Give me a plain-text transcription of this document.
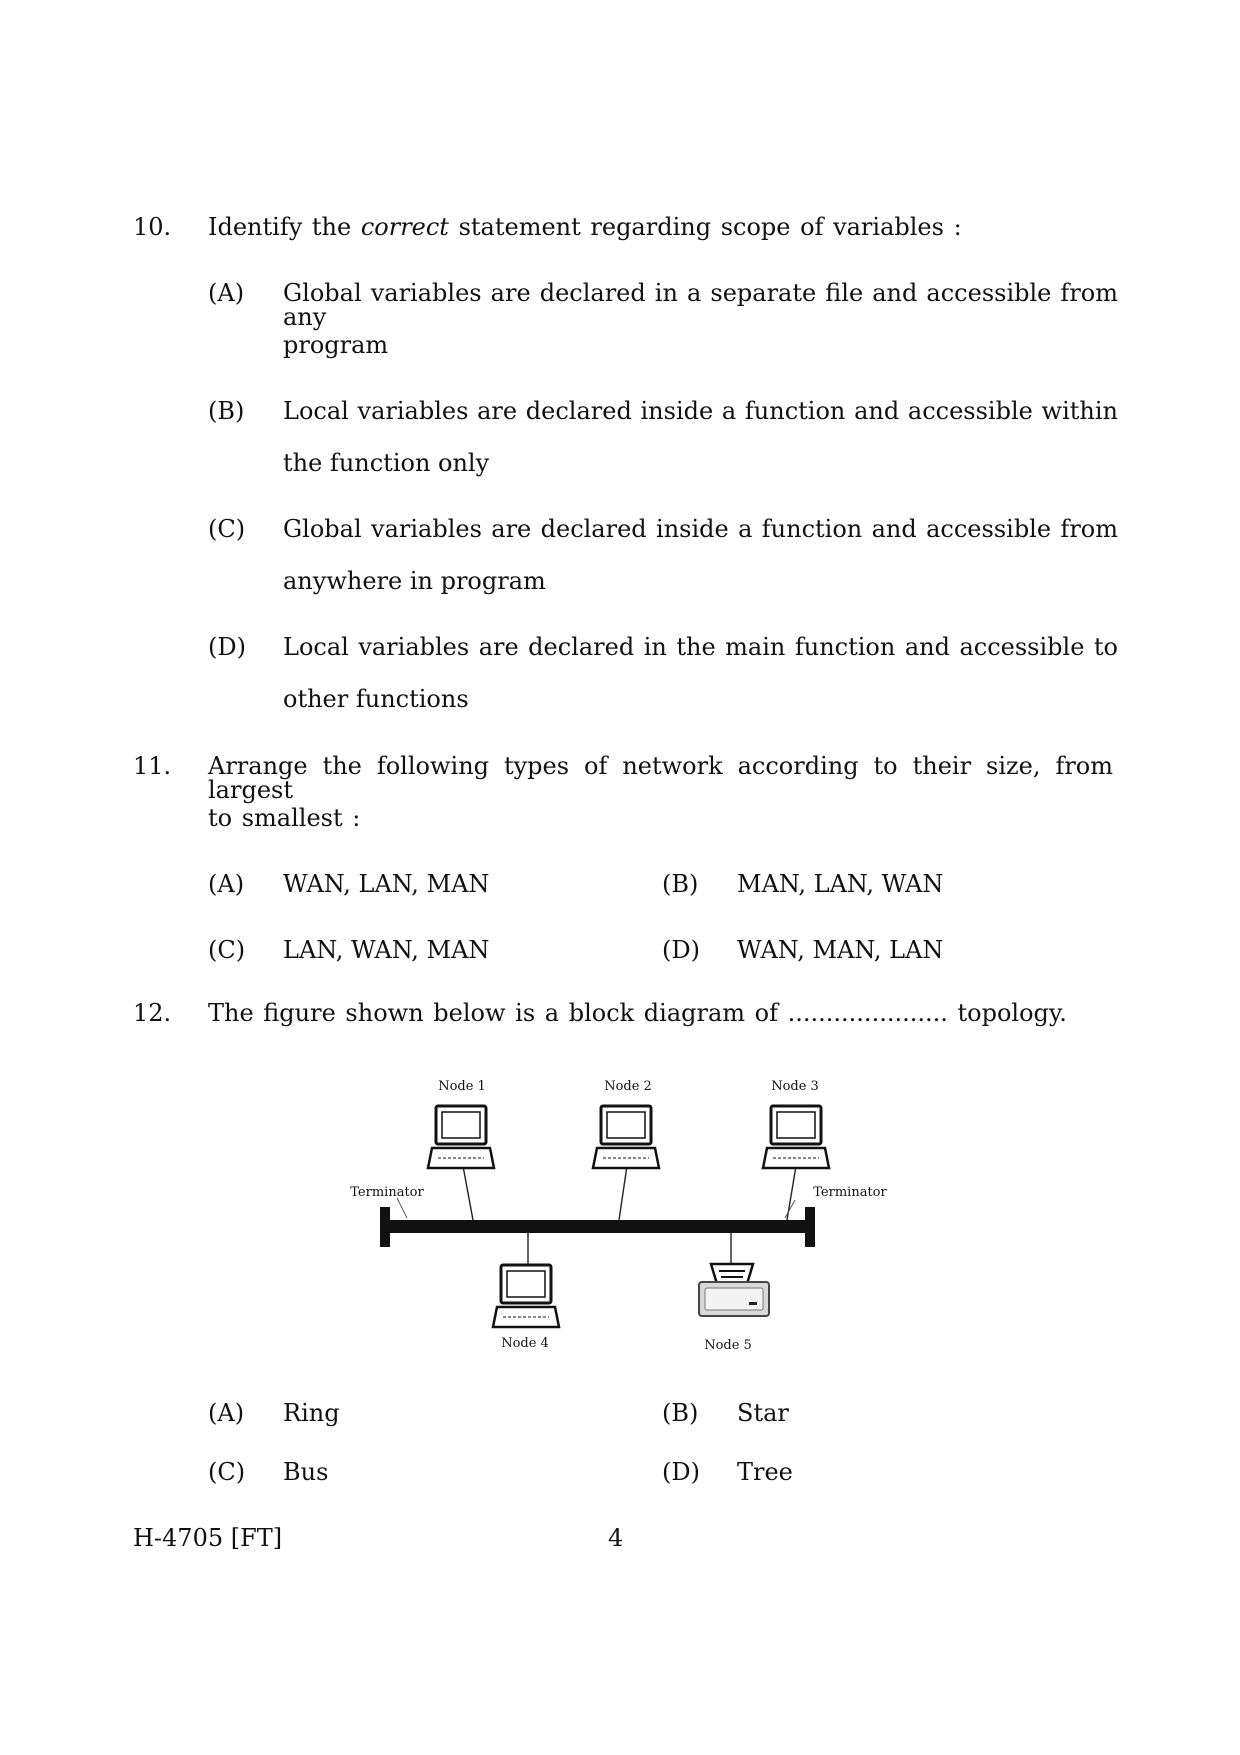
10. Identify the correct statement regarding scope of variables :
(A) Global variables are declared in a separate file and accessible from any
program
(B) Local variables are declared inside a function and accessible within
the function only
(C) Global variables are declared inside a function and accessible from
anywhere in program
(D) Local variables are declared in the main function and accessible to
other functions
11. Arrange the following types of network according to their size, from largest
to smallest :
(A) WAN, LAN, MAN	(B) MAN, LAN, WAN
(C) LAN, WAN, MAN	(D) WAN, MAN, LAN
12. The figure shown below is a block diagram of ..................... topology.
Node 1	Node 2	Node 3
Node 4	Node 5
Terminator	Terminator
(A) Ring	(B) Star
(C) Bus	(D) Tree
H-4705 [FT]	4
